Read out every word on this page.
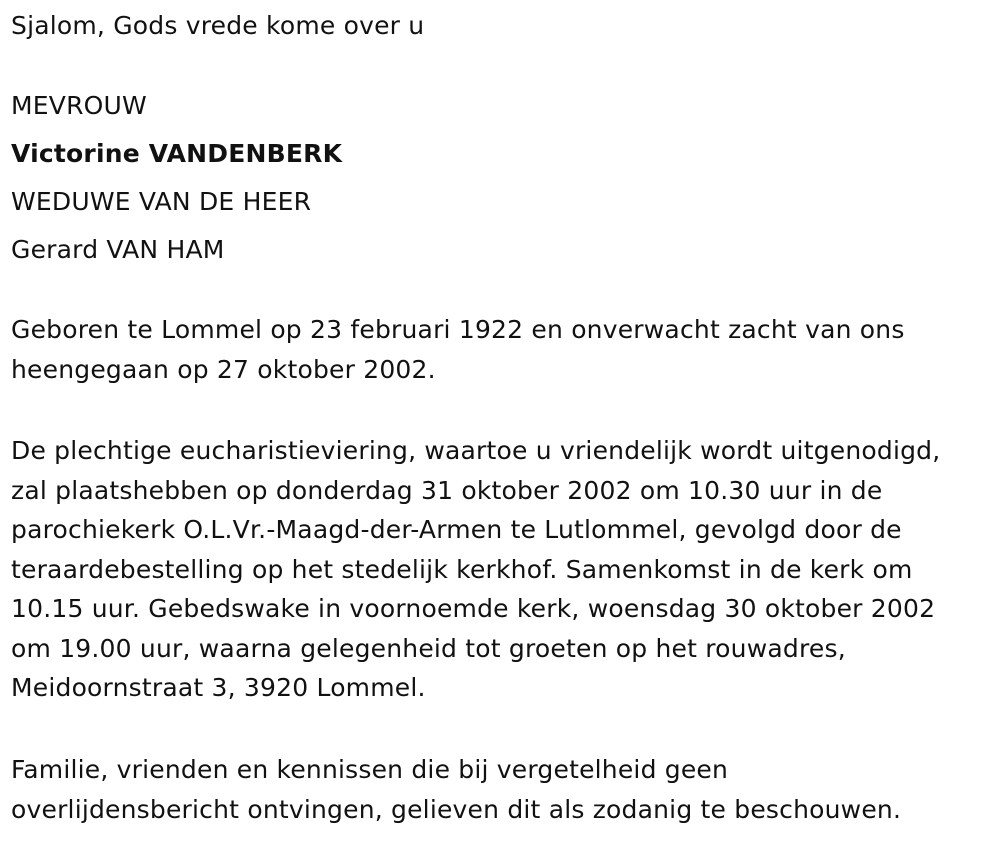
Sjalom, Gods vrede kome over u
MEVROUW
Victorine VANDENBERK
WEDUWE VAN DE HEER
Gerard VAN HAM
Geboren te Lommel op 23 februari 1922 en onverwacht zacht van ons
heengegaan op 27 oktober 2002.
De plechtige eucharistieviering, waartoe u vriendelijk wordt uitgenodigd,
zal plaatshebben op donderdag 31 oktober 2002 om 10.30 uur in de
parochiekerk O.L.Vr.-Maagd-der-Armen te Lutlommel, gevolgd door de
teraardebestelling op het stedelijk kerkhof. Samenkomst in de kerk om
10.15 uur. Gebedswake in voornoemde kerk, woensdag 30 oktober 2002
om 19.00 uur, waarna gelegenheid tot groeten op het rouwadres,
Meidoornstraat 3, 3920 Lommel.
Familie, vrienden en kennissen die bij vergetelheid geen
overlijdensbericht ontvingen, gelieven dit als zodanig te beschouwen.
